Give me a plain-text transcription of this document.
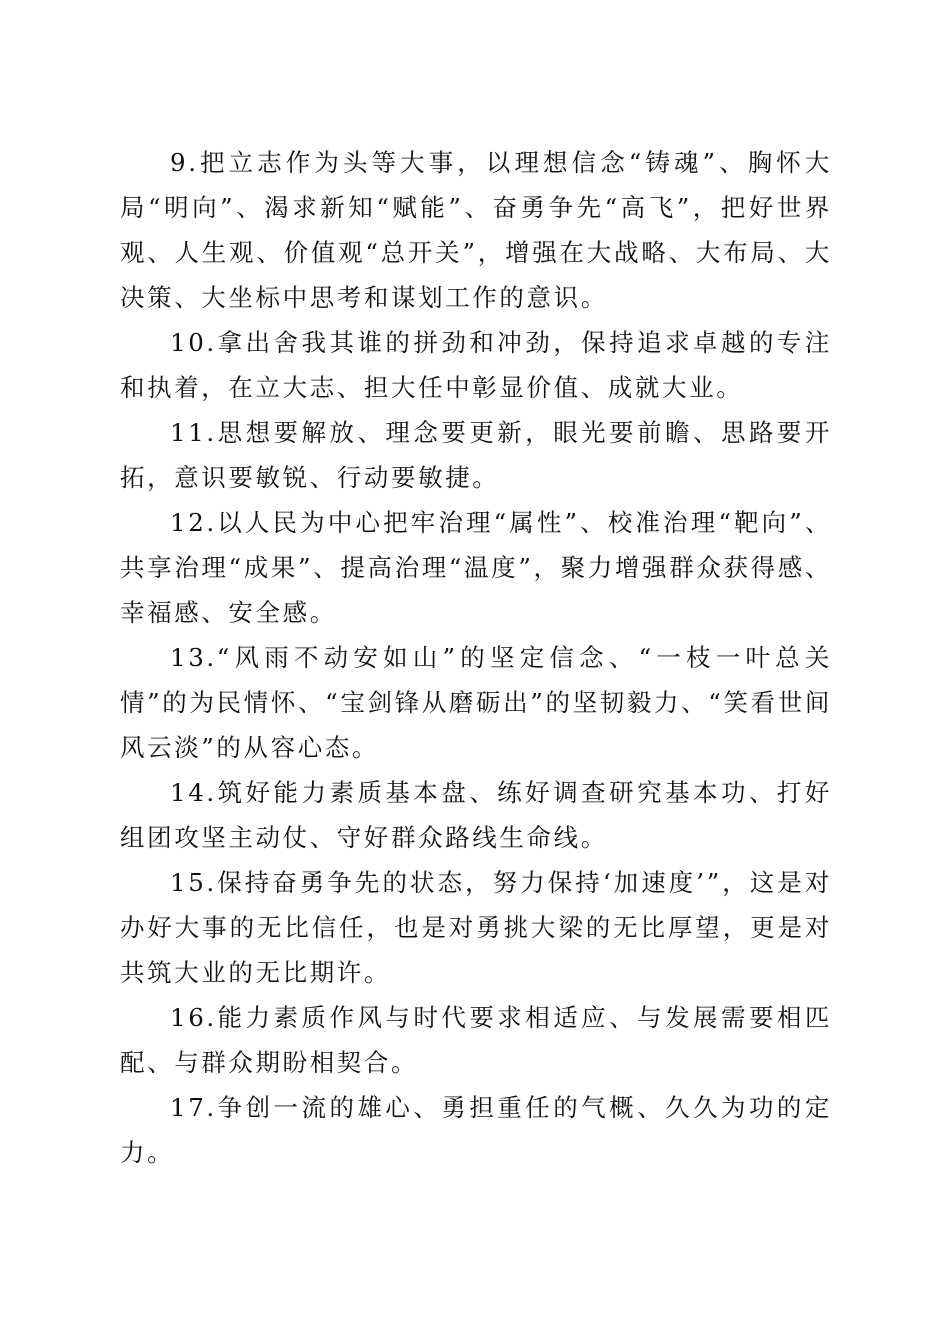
9.把立志作为头等大事，以理想信念“铸魂”、胸怀大局“明向”、渴求新知“赋能”、奋勇争先“高飞”，把好世界观、人生观、价值观“总开关”，增强在大战略、大布局、大决策、大坐标中思考和谋划工作的意识。

10.拿出舍我其谁的拼劲和冲劲，保持追求卓越的专注和执着，在立大志、担大任中彰显价值、成就大业。

11.思想要解放、理念要更新，眼光要前瞻、思路要开拓，意识要敏锐、行动要敏捷。

12.以人民为中心把牢治理“属性”、校准治理“靶向”、共享治理“成果”、提高治理“温度”，聚力增强群众获得感、幸福感、安全感。

13.“风雨不动安如山”的坚定信念、“一枝一叶总关情”的为民情怀、“宝剑锋从磨砺出”的坚韧毅力、“笑看世间风云淡”的从容心态。

14.筑好能力素质基本盘、练好调查研究基本功、打好组团攻坚主动仗、守好群众路线生命线。

15.保持奋勇争先的状态，努力保持‘加速度’”，这是对办好大事的无比信任，也是对勇挑大梁的无比厚望，更是对共筑大业的无比期许。

16.能力素质作风与时代要求相适应、与发展需要相匹配、与群众期盼相契合。

17.争创一流的雄心、勇担重任的气概、久久为功的定力。
